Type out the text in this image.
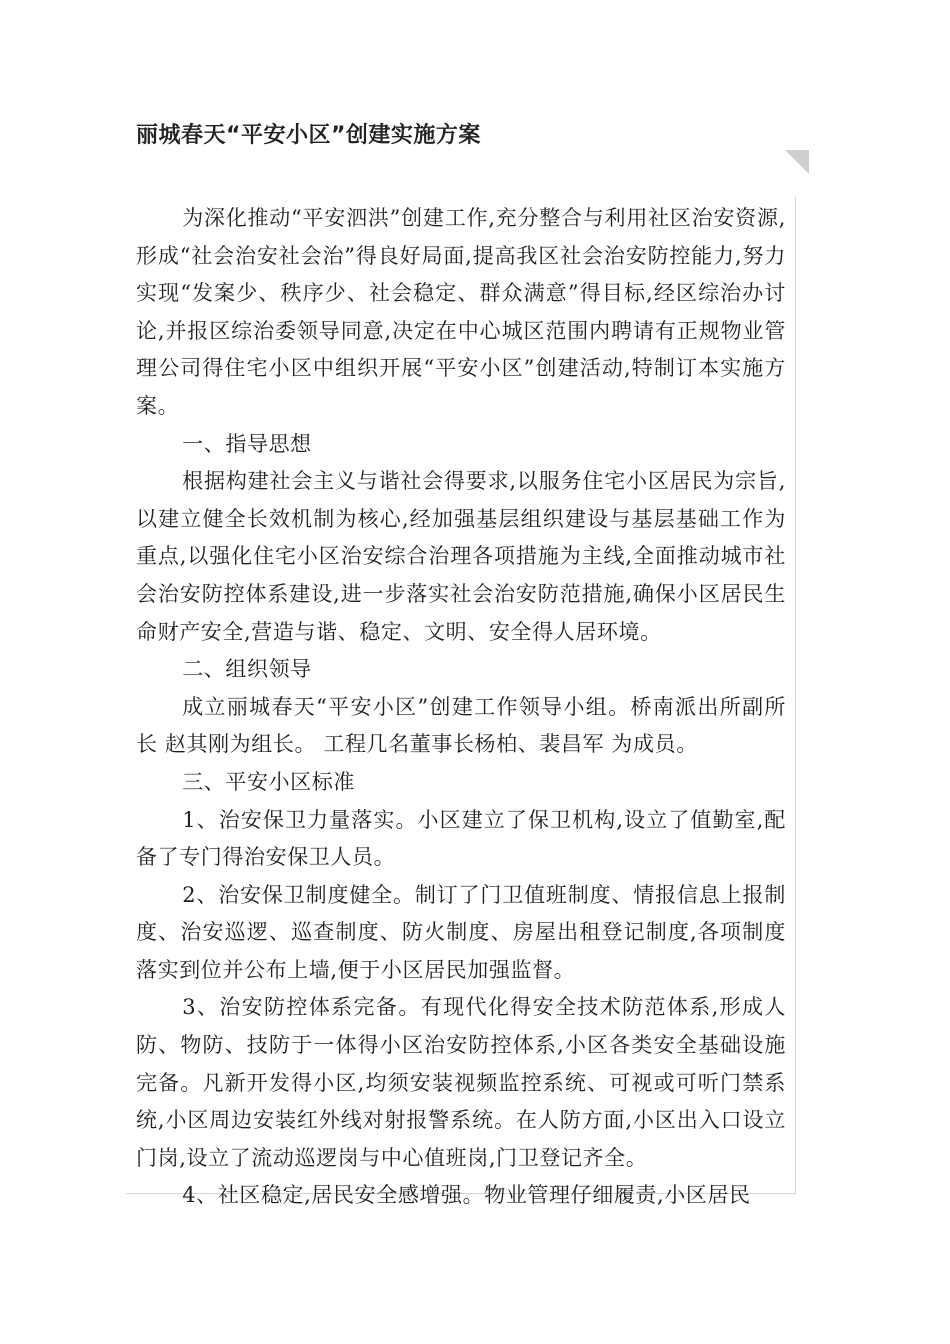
丽城春天“平安小区”创建实施方案

为深化推动“平安泗洪”创建工作,充分整合与利用社区治安资源,形成“社会治安社会治”得良好局面,提高我区社会治安防控能力,努力实现“发案少、秩序少、社会稳定、群众满意”得目标,经区综治办讨论,并报区综治委领导同意,决定在中心城区范围内聘请有正规物业管理公司得住宅小区中组织开展“平安小区”创建活动,特制订本实施方案。

一、指导思想

根据构建社会主义与谐社会得要求,以服务住宅小区居民为宗旨,以建立健全长效机制为核心,经加强基层组织建设与基层基础工作为重点,以强化住宅小区治安综合治理各项措施为主线,全面推动城市社会治安防控体系建设,进一步落实社会治安防范措施,确保小区居民生命财产安全,营造与谐、稳定、文明、安全得人居环境。

二、组织领导

成立丽城春天“平安小区”创建工作领导小组。桥南派出所副所长 赵其刚为组长。 工程几名董事长杨柏、裴昌军 为成员。

三、平安小区标准

1、治安保卫力量落实。小区建立了保卫机构,设立了值勤室,配备了专门得治安保卫人员。

2、治安保卫制度健全。制订了门卫值班制度、情报信息上报制度、治安巡逻、巡查制度、防火制度、房屋出租登记制度,各项制度落实到位并公布上墙,便于小区居民加强监督。

3、治安防控体系完备。有现代化得安全技术防范体系,形成人防、物防、技防于一体得小区治安防控体系,小区各类安全基础设施完备。凡新开发得小区,均须安装视频监控系统、可视或可听门禁系统,小区周边安装红外线对射报警系统。在人防方面,小区出入口设立门岗,设立了流动巡逻岗与中心值班岗,门卫登记齐全。

4、社区稳定,居民安全感增强。物业管理仔细履责,小区居民
